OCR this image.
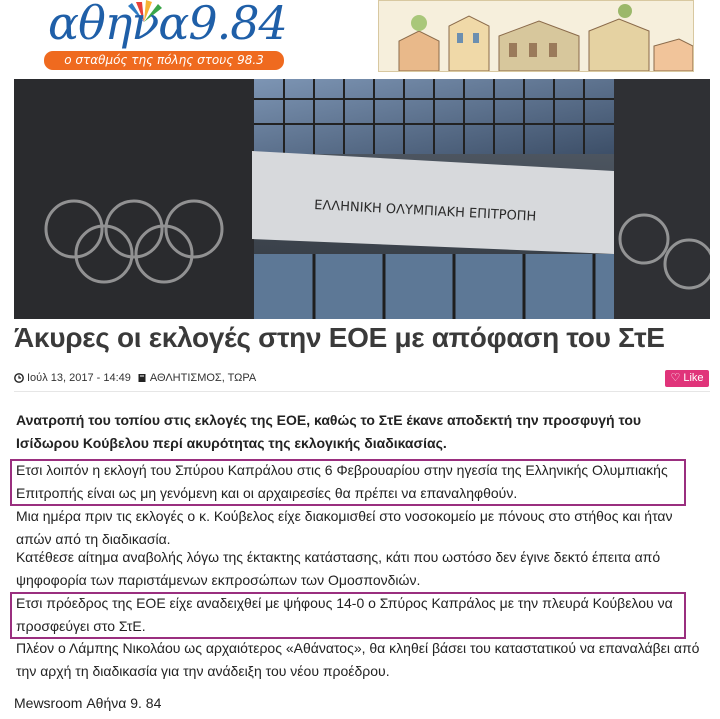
αθηνα9.84
ο σταθμός της πόλης στους 98.3
ΕΛΛΗΝΙΚΗ ΟΛΥΜΠΙΑΚΗ ΕΠΙΤΡΟΠΗ
Άκυρες οι εκλογές στην ΕΟΕ με απόφαση του ΣτΕ
Ιούλ 13, 2017 - 14:49 ΑΘΛΗΤΙΣΜΟΣ, ΤΩΡΑ	♡ Like
Ανατροπή του τοπίου στις εκλογές της ΕΟΕ, καθώς το ΣτΕ έκανε αποδεκτή την προσφυγή του Ισίδωρου Κούβελου περί ακυρότητας της εκλογικής διαδικασίας.
Ετσι λοιπόν η εκλογή του Σπύρου Καπράλου στις 6 Φεβρουαρίου στην ηγεσία της Ελληνικής Ολυμπιακής Επιτροπής είναι ως μη γενόμενη και οι αρχαιρεσίες θα πρέπει να επαναληφθούν.
Μια ημέρα πριν τις εκλογές ο κ. Κούβελος είχε διακομισθεί στο νοσοκομείο με πόνους στο στήθος και ήταν απών από τη διαδικασία.
Κατέθεσε αίτημα αναβολής λόγω της έκτακτης κατάστασης, κάτι που ωστόσο δεν έγινε δεκτό έπειτα από ψηφοφορία των παριστάμενων εκπροσώπων των Ομοσπονδιών.
Ετσι πρόεδρος της ΕΟΕ είχε αναδειχθεί με ψήφους 14-0 ο Σπύρος Καπράλος με την πλευρά Κούβελου να προσφεύγει στο ΣτΕ.
Πλέον ο Λάμπης Νικολάου ως αρχαιότερος «Αθάνατος», θα κληθεί βάσει του καταστατικού να επαναλάβει από την αρχή τη διαδικασία για την ανάδειξη του νέου προέδρου.
Mewsroom Αθήνα 9. 84
